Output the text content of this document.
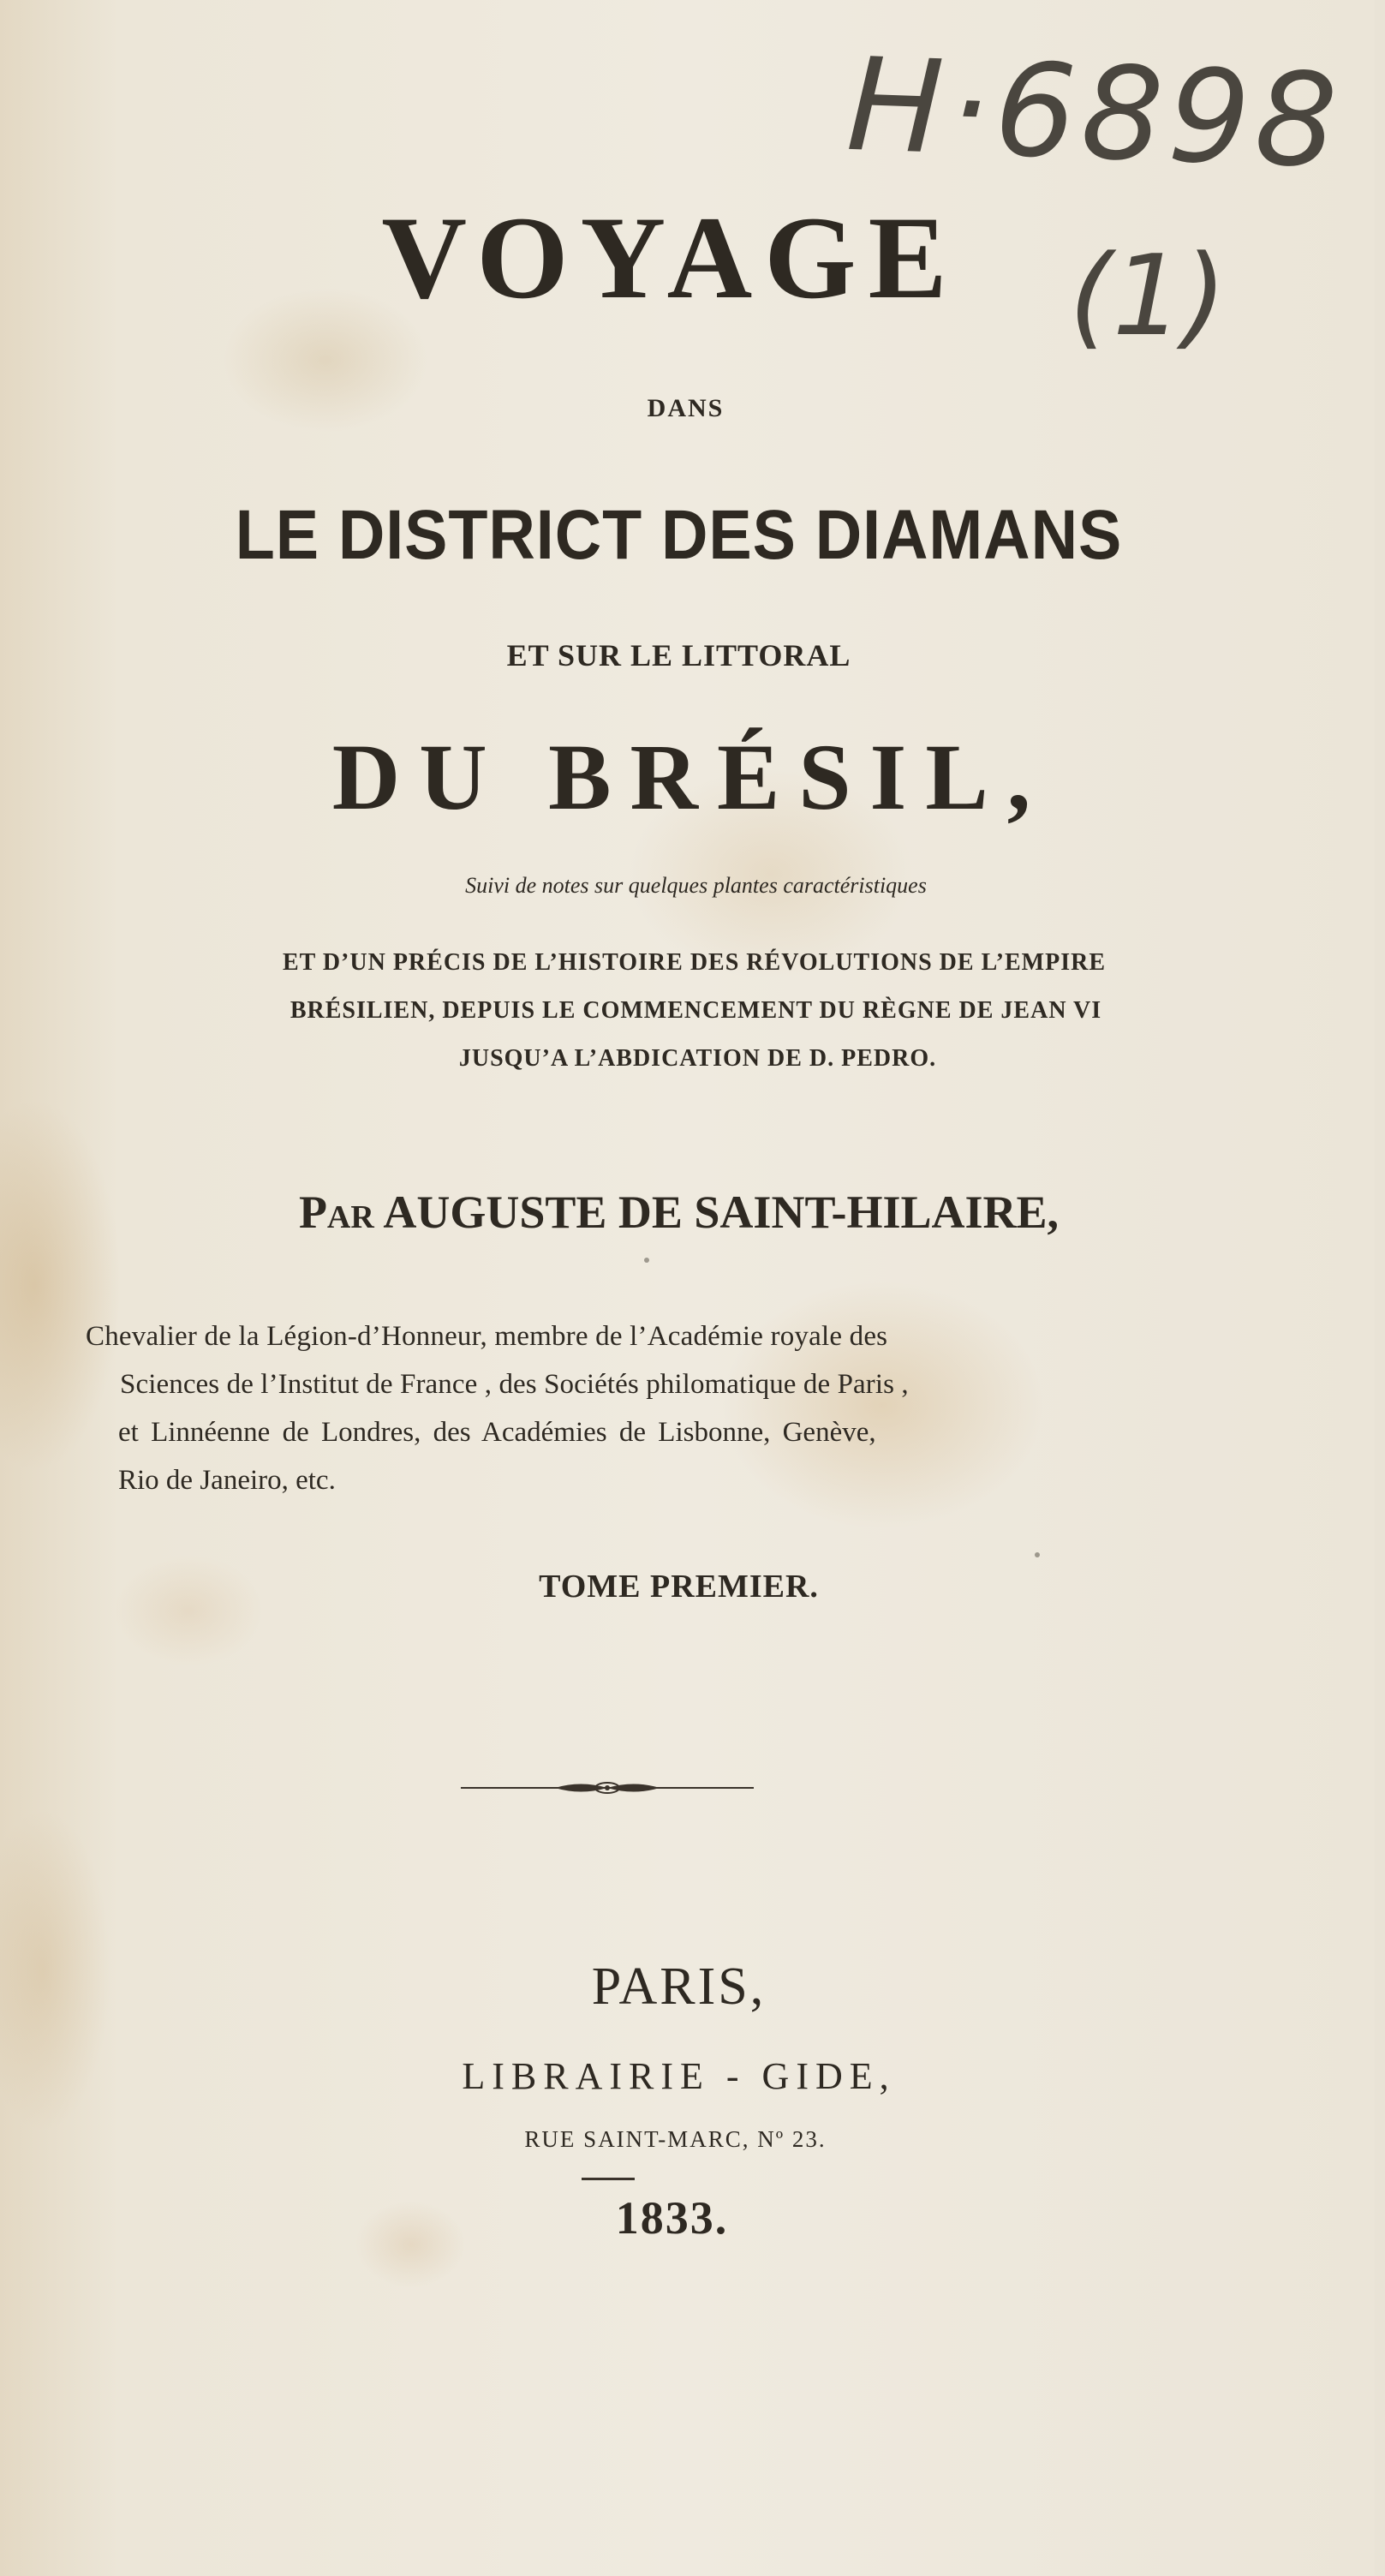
H·6898
(1)
VOYAGE
DANS
LE DISTRICT DES DIAMANS
ET SUR LE LITTORAL
DU BRÉSIL,
Suivi de notes sur quelques plantes caractéristiques
ET D’UN PRÉCIS DE L’HISTOIRE DES RÉVOLUTIONS DE L’EMPIRE
BRÉSILIEN, DEPUIS LE COMMENCEMENT DU RÈGNE DE JEAN VI
JUSQU’A L’ABDICATION DE D. PEDRO.
Par AUGUSTE DE SAINT-HILAIRE,
Chevalier de la Légion-d’Honneur, membre de l’Académie royale des
Sciences de l’Institut de France , des Sociétés philomatique de Paris ,
et Linnéenne de Londres, des Académies de Lisbonne, Genève,
Rio de Janeiro, etc.
TOME PREMIER.
PARIS,
LIBRAIRIE - GIDE,
RUE SAINT-MARC, Nº 23.
1833.
